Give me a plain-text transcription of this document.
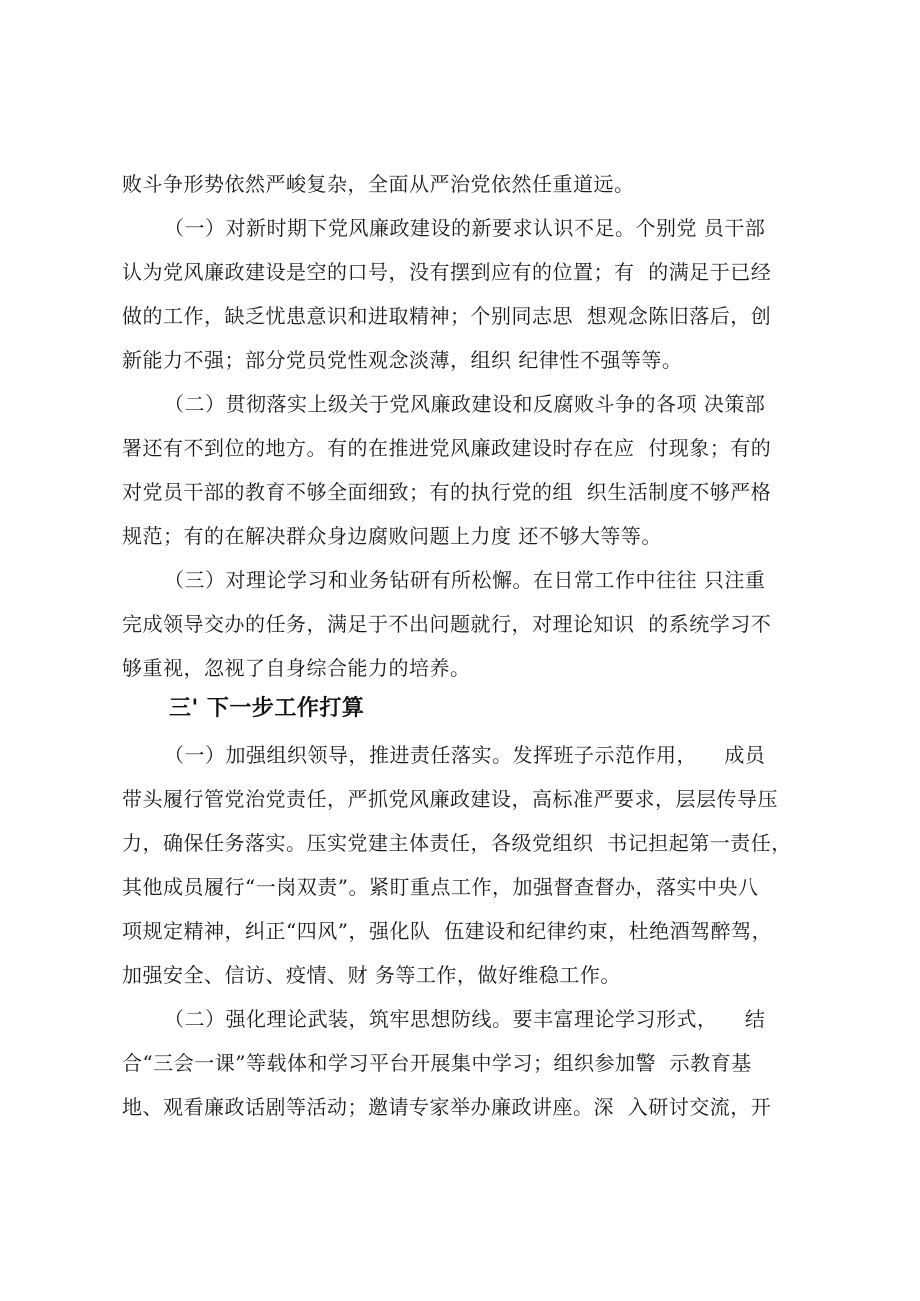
败斗争形势依然严峻复杂，全面从严治党依然任重道远。
（一）对新时期下党风廉政建设的新要求认识不足。个别党 员干部
认为党风廉政建设是空的口号，没有摆到应有的位置；有  的满足于已经
做的工作，缺乏忧患意识和进取精神；个别同志思  想观念陈旧落后，创
新能力不强；部分党员党性观念淡薄，组织 纪律性不强等等。
（二）贯彻落实上级关于党风廉政建设和反腐败斗争的各项 决策部
署还有不到位的地方。有的在推进党风廉政建设时存在应  付现象；有的
对党员干部的教育不够全面细致；有的执行党的组  织生活制度不够严格
规范；有的在解决群众身边腐败问题上力度 还不够大等等。
（三）对理论学习和业务钻研有所松懈。在日常工作中往往 只注重
完成领导交办的任务，满足于不出问题就行，对理论知识  的系统学习不
够重视，忽视了自身综合能力的培养。
三' 下一步工作打算
（一）加强组织领导，推进责任落实。发挥班子示范作用，    成员
带头履行管党治党责任，严抓党风廉政建设，高标准严要求，层层传导压
力，确保任务落实。压实党建主体责任，各级党组织  书记担起第一责任，
其他成员履行“一岗双责”。紧盯重点工作，加强督查督办，落实中央八
项规定精神，纠正“四风”，强化队  伍建设和纪律约束，杜绝酒驾醉驾，
加强安全、信访、疫情、财 务等工作，做好维稳工作。
（二）强化理论武装，筑牢思想防线。要丰富理论学习形式，    结
合“三会一课”等载体和学习平台开展集中学习；组织参加警  示教育基
地、观看廉政话剧等活动；邀请专家举办廉政讲座。深  入研讨交流，开
